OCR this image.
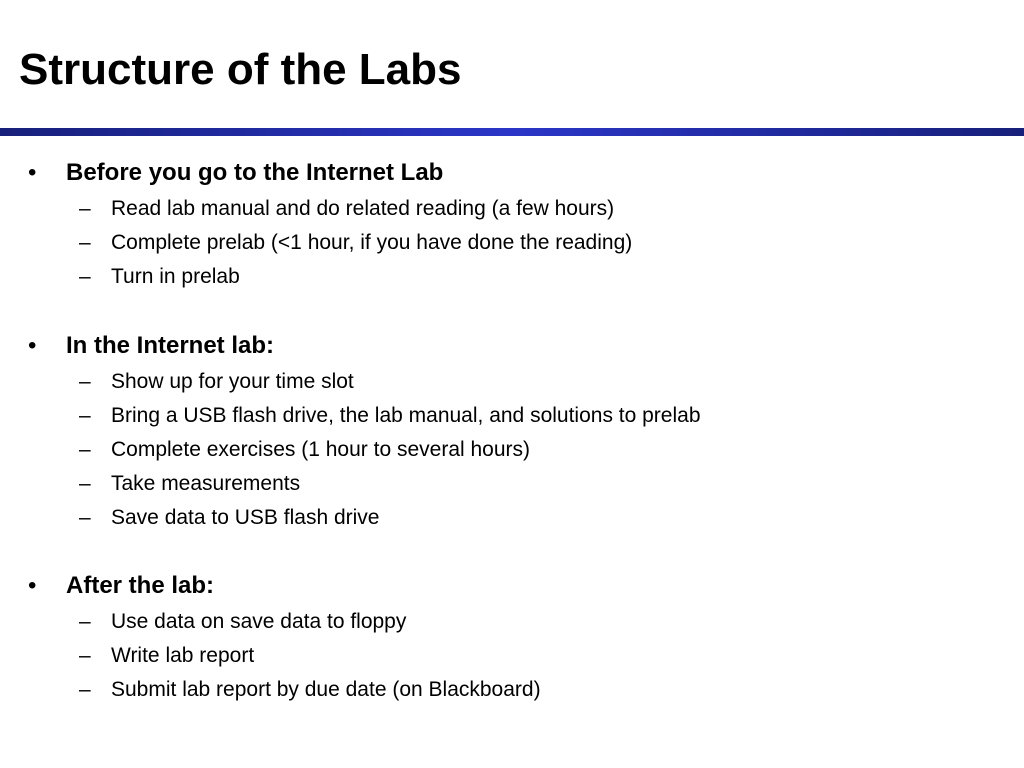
Structure of the Labs
•	Before you go to the Internet Lab
– Read lab manual and do related reading (a few hours)
– Complete prelab (<1 hour, if you have done the reading)
– Turn in prelab
•	In the Internet lab:
– Show up for your time slot
– Bring a USB flash drive, the lab manual, and solutions to prelab
– Complete exercises (1 hour to several hours)
– Take measurements
– Save data to USB flash drive
•	After the lab:
– Use data on save data to floppy
– Write lab report
– Submit lab report by due date (on Blackboard)
